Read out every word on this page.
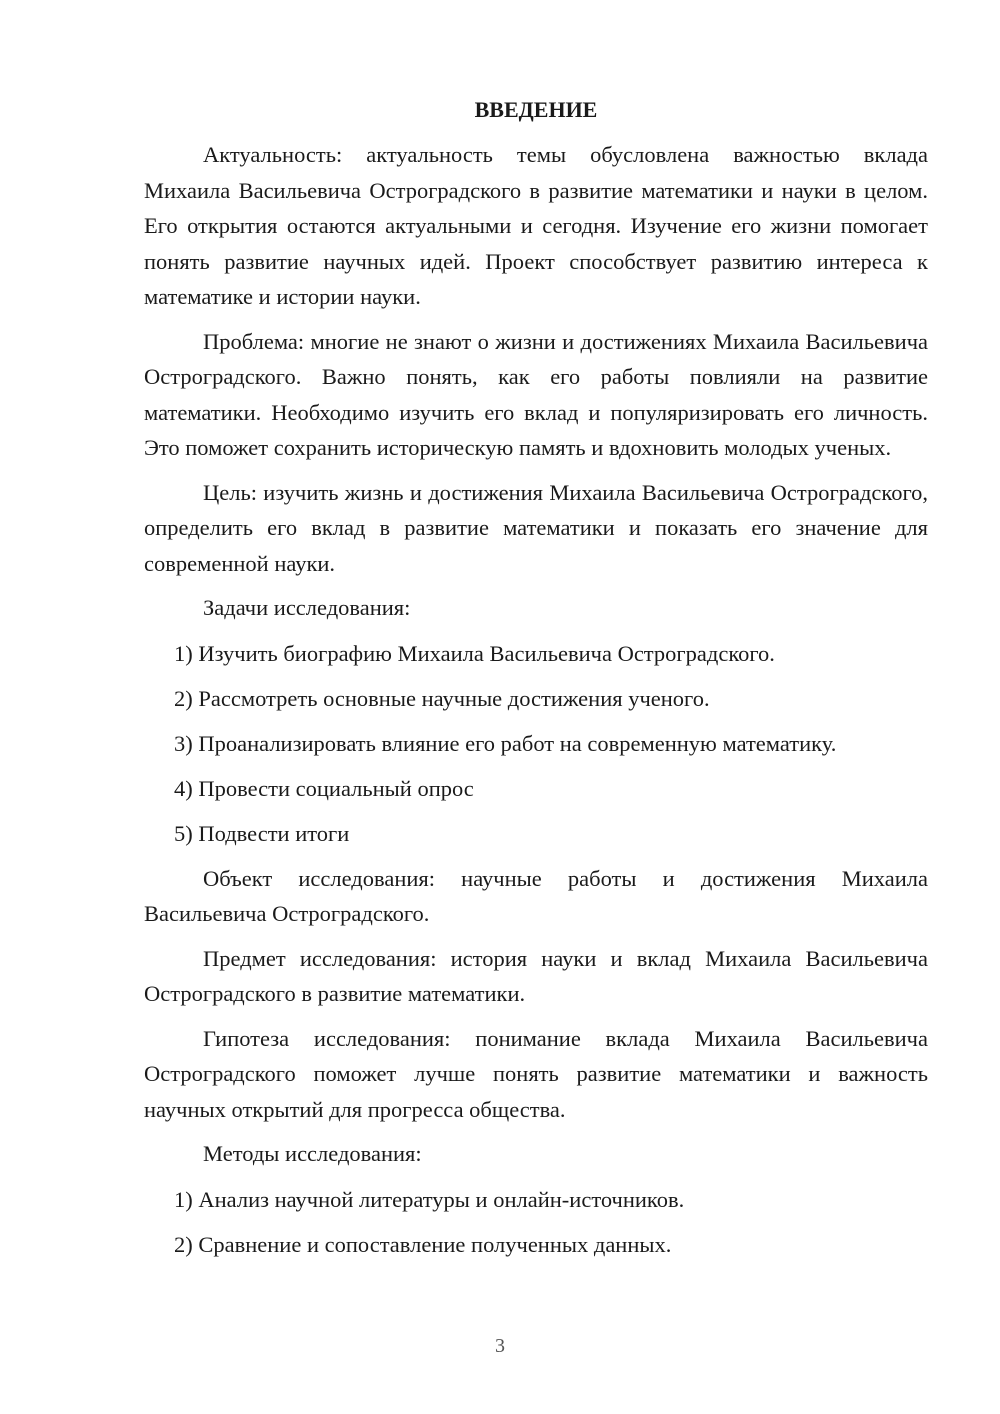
ВВЕДЕНИЕ

Актуальность: актуальность темы обусловлена важностью вклада Михаила Васильевича Остроградского в развитие математики и науки в целом. Его открытия остаются актуальными и сегодня. Изучение его жизни помогает понять развитие научных идей. Проект способствует развитию интереса к математике и истории науки.

Проблема: многие не знают о жизни и достижениях Михаила Васильевича Остроградского. Важно понять, как его работы повлияли на развитие математики. Необходимо изучить его вклад и популяризировать его личность. Это поможет сохранить историческую память и вдохновить молодых ученых.

Цель: изучить жизнь и достижения Михаила Васильевича Остроградского, определить его вклад в развитие математики и показать его значение для современной науки.

Задачи исследования:

1) Изучить биографию Михаила Васильевича Остроградского.
2) Рассмотреть основные научные достижения ученого.
3) Проанализировать влияние его работ на современную математику.
4) Провести социальный опрос
5) Подвести итоги

Объект исследования: научные работы и достижения Михаила Васильевича Остроградского.

Предмет исследования: история науки и вклад Михаила Васильевича Остроградского в развитие математики.

Гипотеза исследования: понимание вклада Михаила Васильевича Остроградского поможет лучше понять развитие математики и важность научных открытий для прогресса общества.

Методы исследования:

1) Анализ научной литературы и онлайн-источников.
2) Сравнение и сопоставление полученных данных.
3
